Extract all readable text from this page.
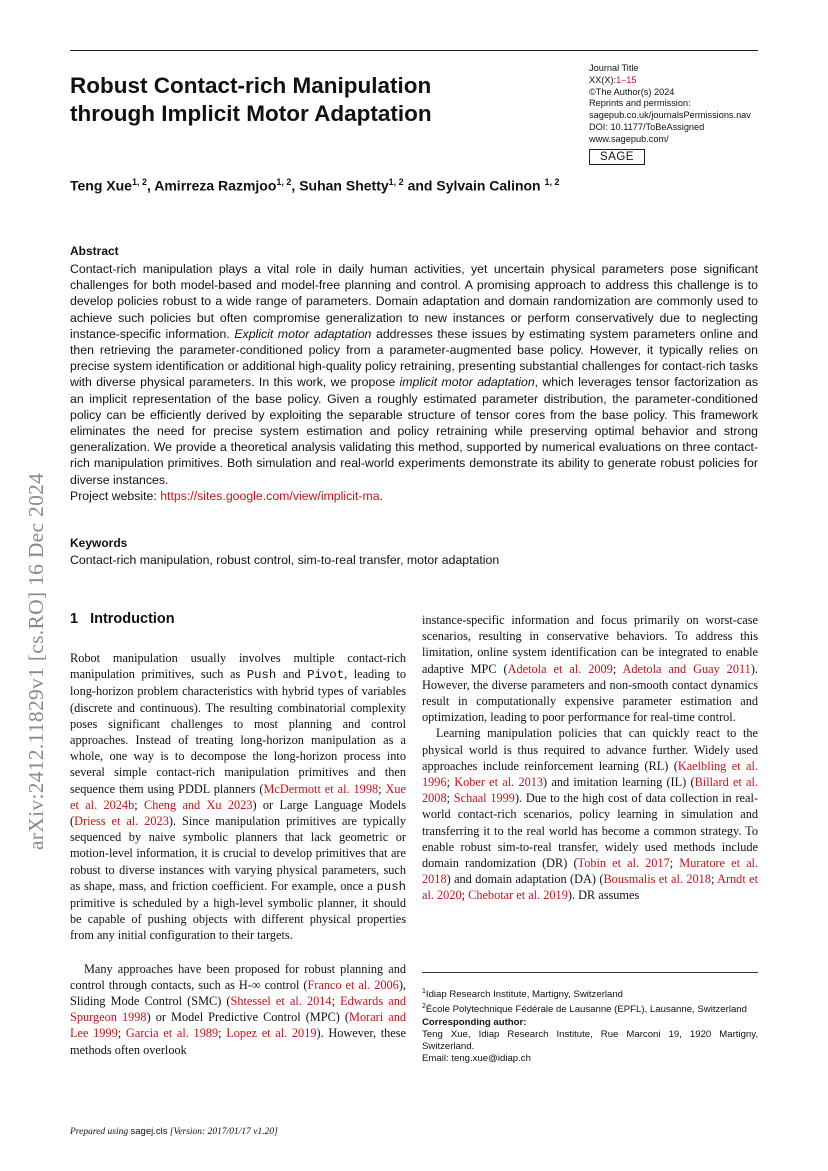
Robust Contact-rich Manipulation through Implicit Motor Adaptation
Journal Title
XX(X):1–15
©The Author(s) 2024
Reprints and permission:
sagepub.co.uk/journalsPermissions.nav
DOI: 10.1177/ToBeAssigned
www.sagepub.com/
SAGE
Teng Xue$^{1, 2}$, Amirreza Razmjoo$^{1, 2}$, Suhan Shetty$^{1, 2}$ and Sylvain Calinon $^{1, 2}$
Abstract
Contact-rich manipulation plays a vital role in daily human activities, yet uncertain physical parameters pose significant challenges for both model-based and model-free planning and control. A promising approach to address this challenge is to develop policies robust to a wide range of parameters. Domain adaptation and domain randomization are commonly used to achieve such policies but often compromise generalization to new instances or perform conservatively due to neglecting instance-specific information. Explicit motor adaptation addresses these issues by estimating system parameters online and then retrieving the parameter-conditioned policy from a parameter-augmented base policy. However, it typically relies on precise system identification or additional high-quality policy retraining, presenting substantial challenges for contact-rich tasks with diverse physical parameters. In this work, we propose implicit motor adaptation, which leverages tensor factorization as an implicit representation of the base policy. Given a roughly estimated parameter distribution, the parameter-conditioned policy can be efficiently derived by exploiting the separable structure of tensor cores from the base policy. This framework eliminates the need for precise system estimation and policy retraining while preserving optimal behavior and strong generalization. We provide a theoretical analysis validating this method, supported by numerical evaluations on three contact-rich manipulation primitives. Both simulation and real-world experiments demonstrate its ability to generate robust policies for diverse instances.
Project website: https://sites.google.com/view/implicit-ma.
Keywords
Contact-rich manipulation, robust control, sim-to-real transfer, motor adaptation
arXiv:2412.11829v1 [cs.RO] 16 Dec 2024 1 Introduction

Robot manipulation usually involves multiple contact-rich manipulation primitives, such as Push and Pivot, leading to long-horizon problem characteristics with hybrid types of variables (discrete and continuous). The resulting combinatorial complexity poses significant challenges to most planning and control approaches. Instead of treating long-horizon manipulation as a whole, one way is to decompose the long-horizon process into several simple contact-rich manipulation primitives and then sequence them using PDDL planners (McDermott et al. 1998; Xue et al. 2024b; Cheng and Xu 2023) or Large Language Models (Driess et al. 2023). Since manipulation primitives are typically sequenced by naive symbolic planners that lack geometric or motion-level information, it is crucial to develop primitives that are robust to diverse instances with varying physical parameters, such as shape, mass, and friction coefficient. For example, once a push primitive is scheduled by a high-level symbolic planner, it should be capable of pushing objects with different physical properties from any initial configuration to their targets.

Many approaches have been proposed for robust planning and control through contacts, such as H-∞ control (Franco et al. 2006), Sliding Mode Control (SMC) (Shtessel et al. 2014; Edwards and Spurgeon 1998) or Model Predictive Control (MPC) (Morari and Lee 1999; Garcia et al. 1989; Lopez et al. 2019). However, these methods often overlook

instance-specific information and focus primarily on worst-case scenarios, resulting in conservative behaviors. To address this limitation, online system identification can be integrated to enable adaptive MPC (Adetola et al. 2009; Adetola and Guay 2011). However, the diverse parameters and non-smooth contact dynamics result in computationally expensive parameter estimation and optimization, leading to poor performance for real-time control.

Learning manipulation policies that can quickly react to the physical world is thus required to advance further. Widely used approaches include reinforcement learning (RL) (Kaelbling et al. 1996; Kober et al. 2013) and imitation learning (IL) (Billard et al. 2008; Schaal 1999). Due to the high cost of data collection in real-world contact-rich scenarios, policy learning in simulation and transferring it to the real world has become a common strategy. To enable robust sim-to-real transfer, widely used methods include domain randomization (DR) (Tobin et al. 2017; Muratore et al. 2018) and domain adaptation (DA) (Bousmalis et al. 2018; Arndt et al. 2020; Chebotar et al. 2019). DR assumes

$^1$Idiap Research Institute, Martigny, Switzerland

$^2$École Polytechnique Fédérale de Lausanne (EPFL), Lausanne, Switzerland

Corresponding author:

Teng Xue, Idiap Research Institute, Rue Marconi 19, 1920 Martigny, Switzerland.

Email: teng.xue@idiap.ch

Prepared using sagej.cls [Version: 2017/01/17 v1.20]
